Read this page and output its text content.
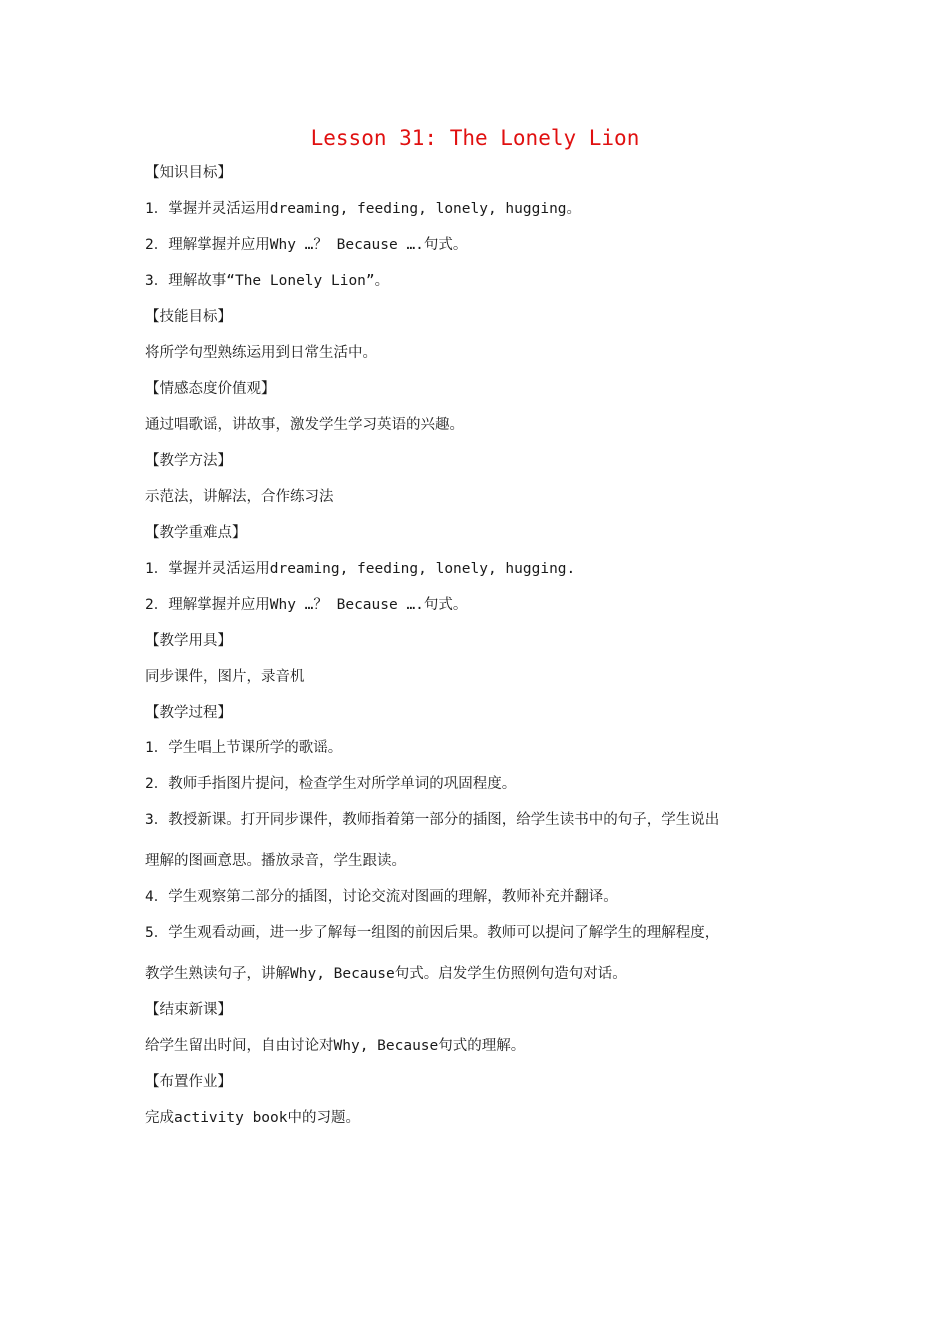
Lesson 31: The Lonely Lion
【知识目标】
1．掌握并灵活运用dreaming, feeding, lonely, hugging。
2．理解掌握并应用Why …？ Because ….句式。
3．理解故事“The Lonely Lion”。
【技能目标】
将所学句型熟练运用到日常生活中。
【情感态度价值观】
通过唱歌谣，讲故事，激发学生学习英语的兴趣。
【教学方法】
示范法，讲解法，合作练习法
【教学重难点】
1．掌握并灵活运用dreaming, feeding, lonely, hugging.
2．理解掌握并应用Why …？ Because ….句式。
【教学用具】
同步课件，图片，录音机
【教学过程】
1．学生唱上节课所学的歌谣。
2．教师手指图片提问，检查学生对所学单词的巩固程度。
3．教授新课。打开同步课件，教师指着第一部分的插图，给学生读书中的句子，学生说出
理解的图画意思。播放录音，学生跟读。
4．学生观察第二部分的插图，讨论交流对图画的理解，教师补充并翻译。
5．学生观看动画，进一步了解每一组图的前因后果。教师可以提问了解学生的理解程度，
教学生熟读句子，讲解Why, Because句式。启发学生仿照例句造句对话。
【结束新课】
给学生留出时间，自由讨论对Why, Because句式的理解。
【布置作业】
完成activity book中的习题。
